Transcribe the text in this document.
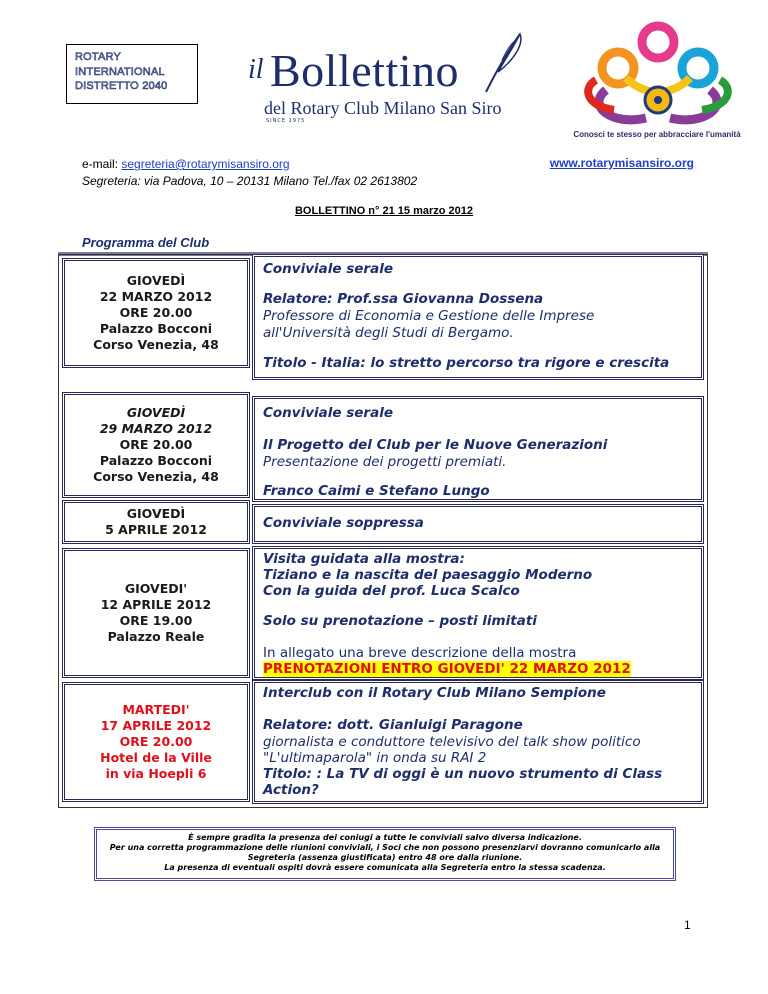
ROTARY
INTERNATIONAL
DISTRETTO 2040
il Bollettino
del Rotary Club Milano San Siro
SINCE 1975
Conosci te stesso per abbracciare l'umanità
e-mail: segreteria@rotarymisansiro.org
Segreteria: via Padova, 10 – 20131 Milano Tel./fax 02 2613802
www.rotarymisansiro.org
BOLLETTINO n° 21 15 marzo 2012
Programma del Club
GIOVEDÌ
22 MARZO 2012
ORE 20.00
Palazzo Bocconi
Corso Venezia, 48
Conviviale serale
Relatore: Prof.ssa Giovanna Dossena
Professore di Economia e Gestione delle Imprese
all'Università degli Studi di Bergamo.
Titolo - Italia: lo stretto percorso tra rigore e crescita
GIOVEDÌ
29 MARZO 2012
ORE 20.00
Palazzo Bocconi
Corso Venezia, 48
Conviviale serale
Il Progetto del Club per le Nuove Generazioni
Presentazione dei progetti premiati.
Franco Caimi e Stefano Lungo
GIOVEDÌ
5 APRILE 2012	Conviviale soppressa
GIOVEDI'
12 APRILE 2012
ORE 19.00
Palazzo Reale
Visita guidata alla mostra:
Tiziano e la nascita del paesaggio Moderno
Con la guida del prof. Luca Scalco
Solo su prenotazione – posti limitati
In allegato una breve descrizione della mostra
PRENOTAZIONI ENTRO GIOVEDI' 22 MARZO 2012
MARTEDI'
17 APRILE 2012
ORE 20.00
Hotel de la Ville
in via Hoepli 6
Interclub con il Rotary Club Milano Sempione
Relatore: dott. Gianluigi Paragone
giornalista e conduttore televisivo del talk show politico
"L'ultimaparola" in onda su RAI 2
Titolo: : La TV di oggi è un nuovo strumento di Class
Action?
È sempre gradita la presenza dei coniugi a tutte le conviviali salvo diversa indicazione.
Per una corretta programmazione delle riunioni conviviali, i Soci che non possono presenziarvi dovranno comunicarlo alla
Segreteria (assenza giustificata) entro 48 ore dalla riunione.
La presenza di eventuali ospiti dovrà essere comunicata alla Segreteria entro la stessa scadenza.
1
